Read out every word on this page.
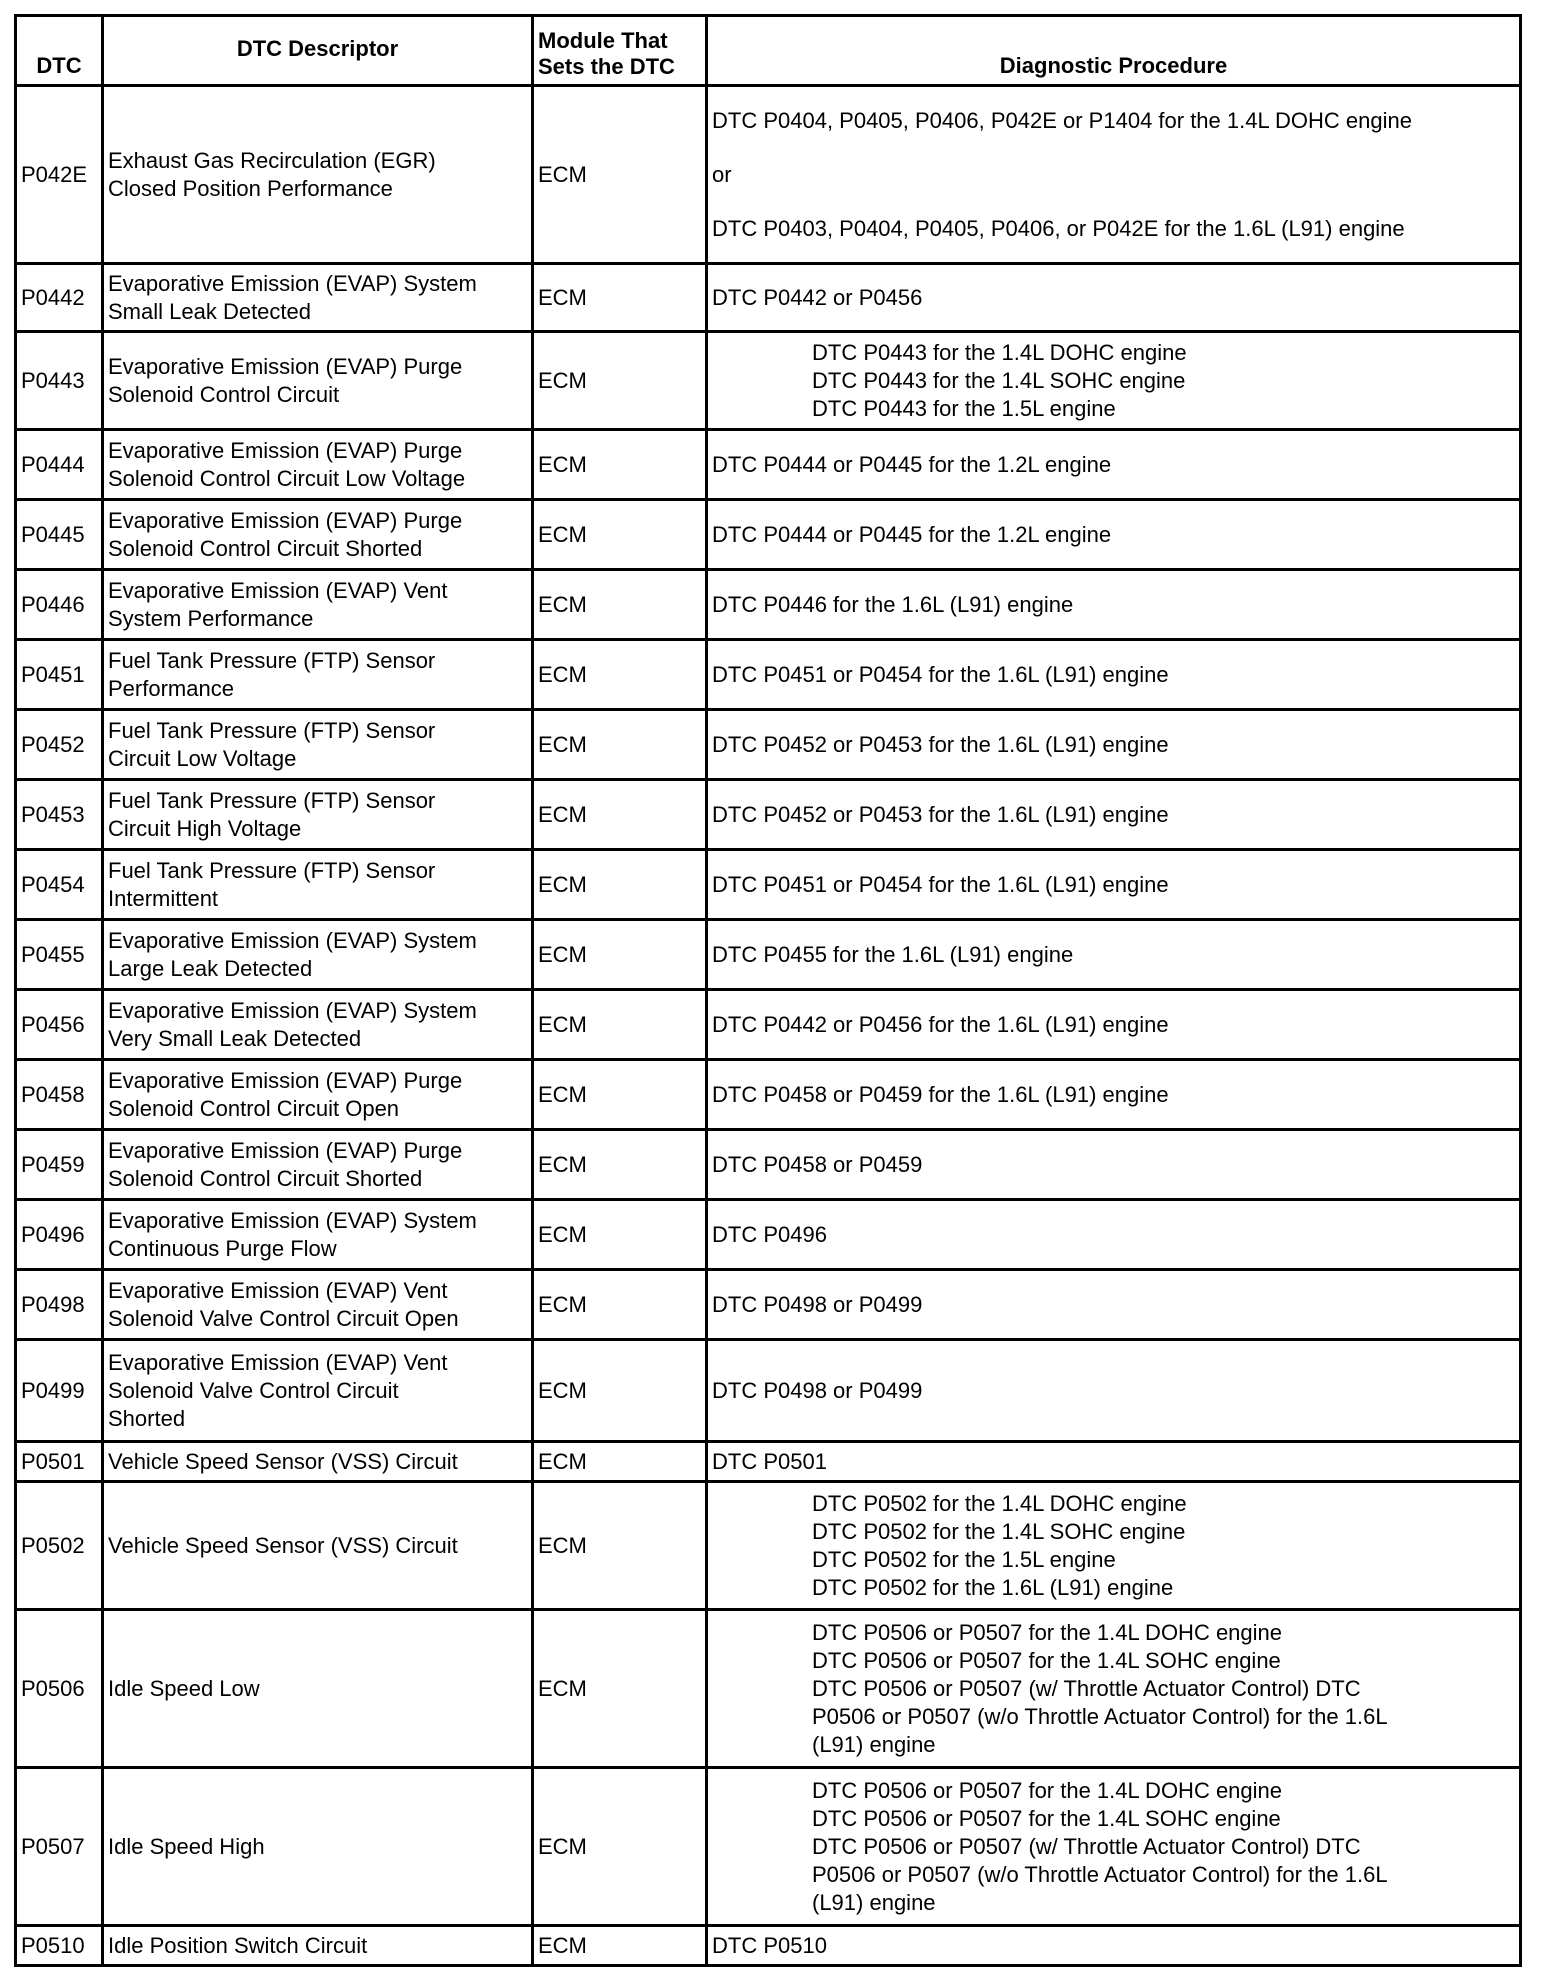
DTC	DTC Descriptor	Module That
Sets the DTC	Diagnostic Procedure
P042E	Exhaust Gas Recirculation (EGR)
Closed Position Performance	ECM	DTC P0404, P0405, P0406, P042E or P1404 for the 1.4L DOHC engine
or
DTC P0403, P0404, P0405, P0406, or P042E for the 1.6L (L91) engine

P0442	Evaporative Emission (EVAP) System
Small Leak Detected	ECM	DTC P0442 or P0456

P0443	Evaporative Emission (EVAP) Purge
Solenoid Control Circuit	ECM	DTC P0443 for the 1.4L DOHC engine
DTC P0443 for the 1.4L SOHC engine
DTC P0443 for the 1.5L engine

P0444	Evaporative Emission (EVAP) Purge
Solenoid Control Circuit Low Voltage	ECM	DTC P0444 or P0445 for the 1.2L engine

P0445	Evaporative Emission (EVAP) Purge
Solenoid Control Circuit Shorted	ECM	DTC P0444 or P0445 for the 1.2L engine

P0446	Evaporative Emission (EVAP) Vent
System Performance	ECM	DTC P0446 for the 1.6L (L91) engine

P0451	Fuel Tank Pressure (FTP) Sensor
Performance	ECM	DTC P0451 or P0454 for the 1.6L (L91) engine

P0452	Fuel Tank Pressure (FTP) Sensor
Circuit Low Voltage	ECM	DTC P0452 or P0453 for the 1.6L (L91) engine

P0453	Fuel Tank Pressure (FTP) Sensor
Circuit High Voltage	ECM	DTC P0452 or P0453 for the 1.6L (L91) engine

P0454	Fuel Tank Pressure (FTP) Sensor
Intermittent	ECM	DTC P0451 or P0454 for the 1.6L (L91) engine

P0455	Evaporative Emission (EVAP) System
Large Leak Detected	ECM	DTC P0455 for the 1.6L (L91) engine

P0456	Evaporative Emission (EVAP) System
Very Small Leak Detected	ECM	DTC P0442 or P0456 for the 1.6L (L91) engine

P0458	Evaporative Emission (EVAP) Purge
Solenoid Control Circuit Open	ECM	DTC P0458 or P0459 for the 1.6L (L91) engine

P0459	Evaporative Emission (EVAP) Purge
Solenoid Control Circuit Shorted	ECM	DTC P0458 or P0459

P0496	Evaporative Emission (EVAP) System
Continuous Purge Flow	ECM	DTC P0496

P0498	Evaporative Emission (EVAP) Vent
Solenoid Valve Control Circuit Open	ECM	DTC P0498 or P0499

P0499	Evaporative Emission (EVAP) Vent
Solenoid Valve Control Circuit
Shorted	ECM	DTC P0498 or P0499

P0501	Vehicle Speed Sensor (VSS) Circuit	ECM	DTC P0501

P0502	Vehicle Speed Sensor (VSS) Circuit	ECM	DTC P0502 for the 1.4L DOHC engine
DTC P0502 for the 1.4L SOHC engine
DTC P0502 for the 1.5L engine
DTC P0502 for the 1.6L (L91) engine

P0506	Idle Speed Low	ECM	DTC P0506 or P0507 for the 1.4L DOHC engine
DTC P0506 or P0507 for the 1.4L SOHC engine
DTC P0506 or P0507 (w/ Throttle Actuator Control) DTC
P0506 or P0507 (w/o Throttle Actuator Control) for the 1.6L
(L91) engine

P0507	Idle Speed High	ECM	DTC P0506 or P0507 for the 1.4L DOHC engine
DTC P0506 or P0507 for the 1.4L SOHC engine
DTC P0506 or P0507 (w/ Throttle Actuator Control) DTC
P0506 or P0507 (w/o Throttle Actuator Control) for the 1.6L
(L91) engine

P0510	Idle Position Switch Circuit	ECM	DTC P0510
